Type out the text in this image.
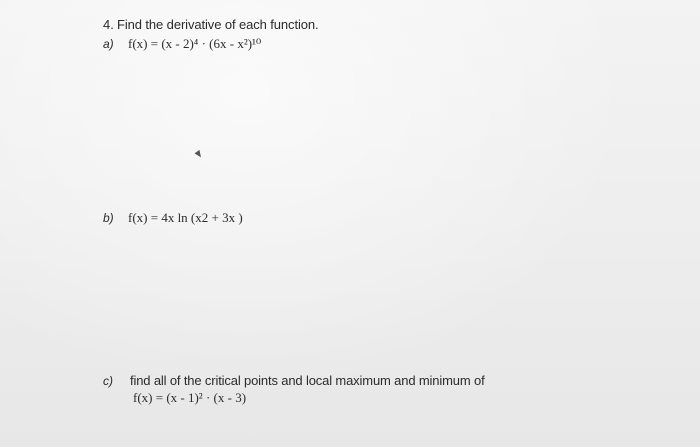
4. Find the derivative of each function.
a) f(x) = (x - 2)⁴ · (6x - x²)¹⁰
b) f(x) = 4x ln (x2 + 3x )
c) find all of the critical points and local maximum and minimum of
f(x) = (x - 1)² · (x - 3)
